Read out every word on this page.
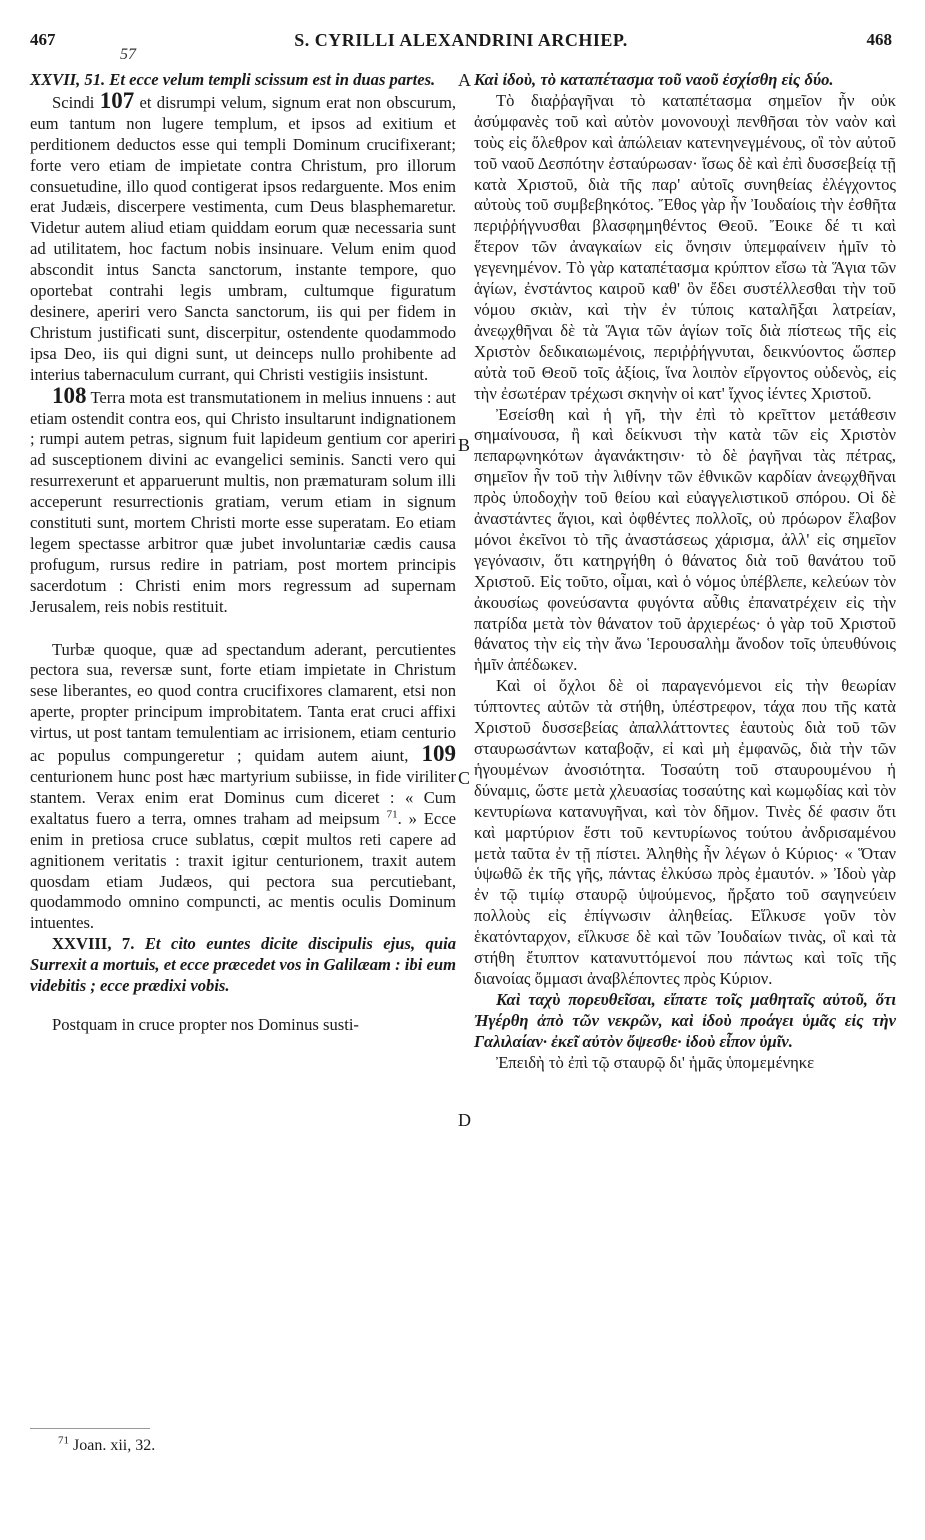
467	S. CYRILLI ALEXANDRINI ARCHIEP.	468
57

XXVII, 51. Et ecce velum templi scissum est in duas partes.

Scindi 107 et disrumpi velum, signum erat non obscurum, eum tantum non lugere templum, et ipsos ad exitium et perditionem deductos esse qui templi Dominum crucifixerant; forte vero etiam de impietate contra Christum, pro illorum consuetudine, illo quod contigerat ipsos redarguente. Mos enim erat Judæis, discerpere vestimenta, cum Deus blasphemaretur. Videtur autem aliud etiam quiddam eorum quæ necessaria sunt ad utilitatem, hoc factum nobis insinuare. Velum enim quod abscondit intus Sancta sanctorum, instante tempore, quo oportebat contrahi legis umbram, cultumque figuratum desinere, aperiri vero Sancta sanctorum, iis qui per fidem in Christum justificati sunt, discerpitur, ostendente quodammodo ipsa Deo, iis qui digni sunt, ut deinceps nullo prohibente ad interius tabernaculum currant, qui Christi vestigiis insistunt.

108 Terra mota est transmutationem in melius innuens : aut etiam ostendit contra eos, qui Christo insultarunt indignationem ; rumpi autem petras, signum fuit lapideum gentium cor aperiri ad susceptionem divini ac evangelici seminis. Sancti vero qui resurrexerunt et apparuerunt multis, non præmaturam solum illi acceperunt resurrectionis gratiam, verum etiam in signum constituti sunt, mortem Christi morte esse superatam. Eo etiam legem spectasse arbitror quæ jubet involuntariæ cædis causa profugum, rursus redire in patriam, post mortem principis sacerdotum : Christi enim mors regressum ad supernam Jerusalem, reis nobis restituit.

Turbæ quoque, quæ ad spectandum aderant, percutientes pectora sua, reversæ sunt, forte etiam impietate in Christum sese liberantes, eo quod contra crucifixores clamarent, etsi non aperte, propter principum improbitatem. Tanta erat cruci affixi virtus, ut post tantam temulentiam ac irrisionem, etiam centurio ac populus compungeretur ; quidam autem aiunt, 109 centurionem hunc post hæc martyrium subiisse, in fide viriliter stantem. Verax enim erat Dominus cum diceret : « Cum exaltatus fuero a terra, omnes traham ad meipsum $^{71}$. » Ecce enim in pretiosa cruce sublatus, cœpit multos reti capere ad agnitionem veritatis : traxit igitur centurionem, traxit autem quosdam etiam Judæos, qui pectora sua percutiebant, quodammodo omnino compuncti, ac mentis oculis Dominum intuentes.

XXVIII, 7. Et cito euntes dicite discipulis ejus, quia Surrexit a mortuis, et ecce præcedet vos in Galilæam : ibi eum videbitis ; ecce prædixi vobis.

Postquam in cruce propter nos Dominus susti-

Καὶ ἰδοὺ, τὸ καταπέτασμα τοῦ ναοῦ ἐσχίσθη εἰς δύο.

Τὸ διαῤῥαγῆναι τὸ καταπέτασμα σημεῖον ἦν οὐκ ἀσύμφανὲς τοῦ καὶ αὐτὸν μονονουχὶ πενθῆσαι τὸν ναὸν καὶ τοὺς εἰς ὄλεθρον καὶ ἀπώλειαν κατενηνεγμένους, οἳ τὸν αὐτοῦ τοῦ ναοῦ Δεσπότην ἐσταύρωσαν· ἴσως δὲ καὶ ἐπὶ δυσσεβείᾳ τῇ κατὰ Χριστοῦ, διὰ τῆς παρ' αὐτοῖς συνηθείας ἐλέγχοντος αὐτοὺς τοῦ συμβεβηκότος. Ἔθος γὰρ ἦν Ἰουδαίοις τὴν ἐσθῆτα περιῤῥήγνυσθαι βλασφημηθέντος Θεοῦ. Ἔοικε δέ τι καὶ ἕτερον τῶν ἀναγκαίων εἰς ὄνησιν ὑπεμφαίνειν ἡμῖν τὸ γεγενημένον. Τὸ γὰρ καταπέτασμα κρύπτον εἴσω τὰ Ἅγια τῶν ἁγίων, ἐνστάντος καιροῦ καθ' ὃν ἔδει συστέλλεσθαι τὴν τοῦ νόμου σκιὰν, καὶ τὴν ἐν τύποις καταλῆξαι λατρείαν, ἀνεῳχθῆναι δὲ τὰ Ἅγια τῶν ἁγίων τοῖς διὰ πίστεως τῆς εἰς Χριστὸν δεδικαιωμένοις, περιῤῥήγνυται, δεικνύοντος ὥσπερ αὐτὰ τοῦ Θεοῦ τοῖς ἀξίοις, ἵνα λοιπὸν εἴργοντος οὐδενὸς, εἰς τὴν ἐσωτέραν τρέχωσι σκηνὴν οἱ κατ' ἴχνος ἰέντες Χριστοῦ.

Ἐσείσθη καὶ ἡ γῆ, τὴν ἐπὶ τὸ κρεῖττον μετάθεσιν σημαίνουσα, ἢ καὶ δείκνυσι τὴν κατὰ τῶν εἰς Χριστὸν πεπαρῳνηκότων ἀγανάκτησιν· τὸ δὲ ῥαγῆναι τὰς πέτρας, σημεῖον ἦν τοῦ τὴν λιθίνην τῶν ἐθνικῶν καρδίαν ἀνεῳχθῆναι πρὸς ὑποδοχὴν τοῦ θείου καὶ εὐαγγελιστικοῦ σπόρου. Οἱ δὲ ἀναστάντες ἅγιοι, καὶ ὀφθέντες πολλοῖς, οὐ πρόωρον ἔλαβον μόνοι ἐκεῖνοι τὸ τῆς ἀναστάσεως χάρισμα, ἀλλ' εἰς σημεῖον γεγόνασιν, ὅτι κατηργήθη ὁ θάνατος διὰ τοῦ θανάτου τοῦ Χριστοῦ. Εἰς τοῦτο, οἶμαι, καὶ ὁ νόμος ὑπέβλεπε, κελεύων τὸν ἀκουσίως φονεύσαντα φυγόντα αὖθις ἐπανατρέχειν εἰς τὴν πατρίδα μετὰ τὸν θάνατον τοῦ ἀρχιερέως· ὁ γὰρ τοῦ Χριστοῦ θάνατος τὴν εἰς τὴν ἄνω Ἱερουσαλὴμ ἄνοδον τοῖς ὑπευθύνοις ἡμῖν ἀπέδωκεν.

Καὶ οἱ ὄχλοι δὲ οἱ παραγενόμενοι εἰς τὴν θεωρίαν τύπτοντες αὐτῶν τὰ στήθη, ὑπέστρεφον, τάχα που τῆς κατὰ Χριστοῦ δυσσεβείας ἀπαλλάττοντες ἑαυτοὺς διὰ τοῦ τῶν σταυρωσάντων καταβοᾷν, εἰ καὶ μὴ ἐμφανῶς, διὰ τὴν τῶν ἡγουμένων ἀνοσιότητα. Τοσαύτη τοῦ σταυρουμένου ἡ δύναμις, ὥστε μετὰ χλευασίας τοσαύτης καὶ κωμῳδίας καὶ τὸν κεντυρίωνα κατανυγῆναι, καὶ τὸν δῆμον. Τινὲς δέ φασιν ὅτι καὶ μαρτύριον ἔστι τοῦ κεντυρίωνος τούτου ἀνδρισαμένου μετὰ ταῦτα ἐν τῇ πίστει. Ἀληθὴς ἦν λέγων ὁ Κύριος· « Ὅταν ὑψωθῶ ἐκ τῆς γῆς, πάντας ἑλκύσω πρὸς ἐμαυτόν. » Ἰδοὺ γὰρ ἐν τῷ τιμίῳ σταυρῷ ὑψούμενος, ἤρξατο τοῦ σαγηνεύειν πολλοὺς εἰς ἐπίγνωσιν ἀληθείας. Εἵλκυσε γοῦν τὸν ἑκατόνταρχον, εἵλκυσε δὲ καὶ τῶν Ἰουδαίων τινὰς, οἳ καὶ τὰ στήθη ἔτυπτον κατανυττόμενοί που πάντως καὶ τοῖς τῆς διανοίας ὄμμασι ἀναβλέποντες πρὸς Κύριον.

Καὶ ταχὺ πορευθεῖσαι, εἴπατε τοῖς μαθηταῖς αὐτοῦ, ὅτι Ἠγέρθη ἀπὸ τῶν νεκρῶν, καὶ ἰδοὺ προάγει ὑμᾶς εἰς τὴν Γαλιλαίαν· ἐκεῖ αὐτὸν ὄψεσθε· ἰδοὺ εἶπον ὑμῖν.

Ἐπειδὴ τὸ ἐπὶ τῷ σταυρῷ δι' ἡμᾶς ὑπομεμένηκε

A
B
C
D
$^{71}$ Joan. xii, 32.
